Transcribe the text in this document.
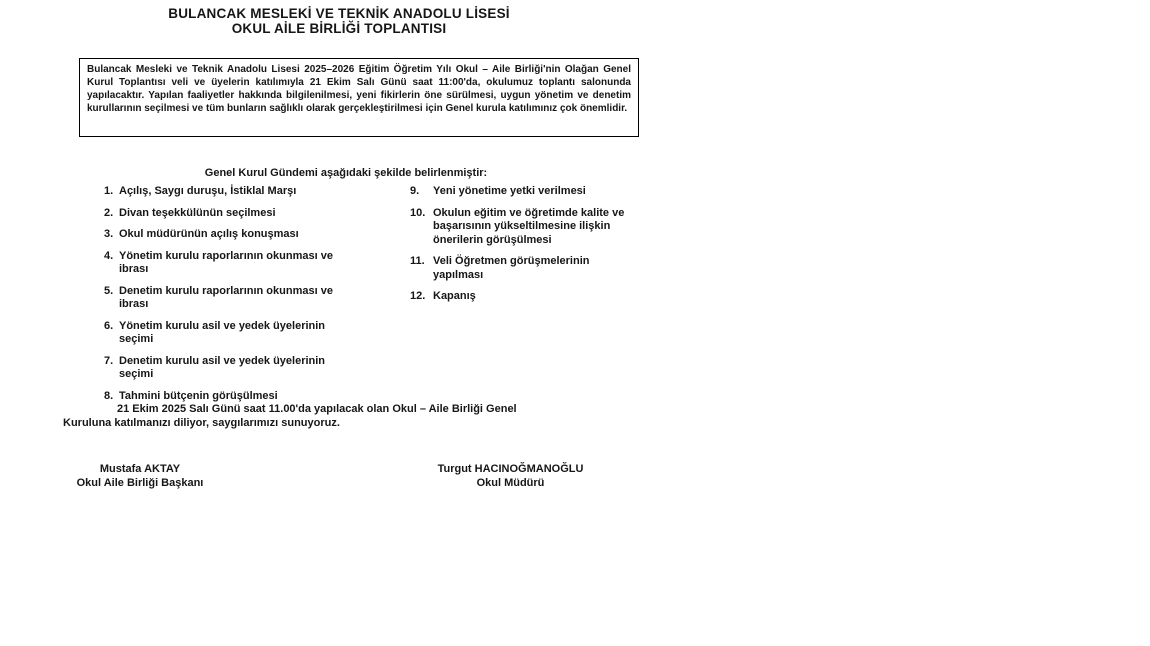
BULANCAK MESLEKİ VE TEKNİK ANADOLU LİSESİ
OKUL AİLE BİRLİĞİ TOPLANTISI
Bulancak Mesleki ve Teknik Anadolu Lisesi 2025–2026 Eğitim Öğretim Yılı Okul – Aile Birliği'nin Olağan Genel Kurul Toplantısı veli ve üyelerin katılımıyla 21 Ekim Salı Günü saat 11:00'da, okulumuz toplantı salonunda yapılacaktır. Yapılan faaliyetler hakkında bilgilenilmesi, yeni fikirlerin öne sürülmesi, uygun yönetim ve denetim kurullarının seçilmesi ve tüm bunların sağlıklı olarak gerçekleştirilmesi için Genel kurula katılımınız çok önemlidir.
Genel Kurul Gündemi aşağıdaki şekilde belirlenmiştir:
1. Açılış, Saygı duruşu, İstiklal Marşı
2. Divan teşekkülünün seçilmesi
3. Okul müdürünün açılış konuşması
4. Yönetim kurulu raporlarının okunması ve ibrası
5. Denetim kurulu raporlarının okunması ve ibrası
6. Yönetim kurulu asil ve yedek üyelerinin seçimi
7. Denetim kurulu asil ve yedek üyelerinin seçimi
8. Tahmini bütçenin görüşülmesi
9.	Yeni yönetime yetki verilmesi
10. Okulun eğitim ve öğretimde kalite ve başarısının yükseltilmesine ilişkin önerilerin görüşülmesi
11. Veli Öğretmen görüşmelerinin yapılması
12. Kapanış
21 Ekim 2025 Salı Günü saat 11.00'da yapılacak olan Okul – Aile Birliği Genel Kuruluna katılmanızı diliyor, saygılarımızı sunuyoruz.
Mustafa AKTAY
Okul Aile Birliği Başkanı
Turgut HACINOĞMANOĞLU
Okul Müdürü
